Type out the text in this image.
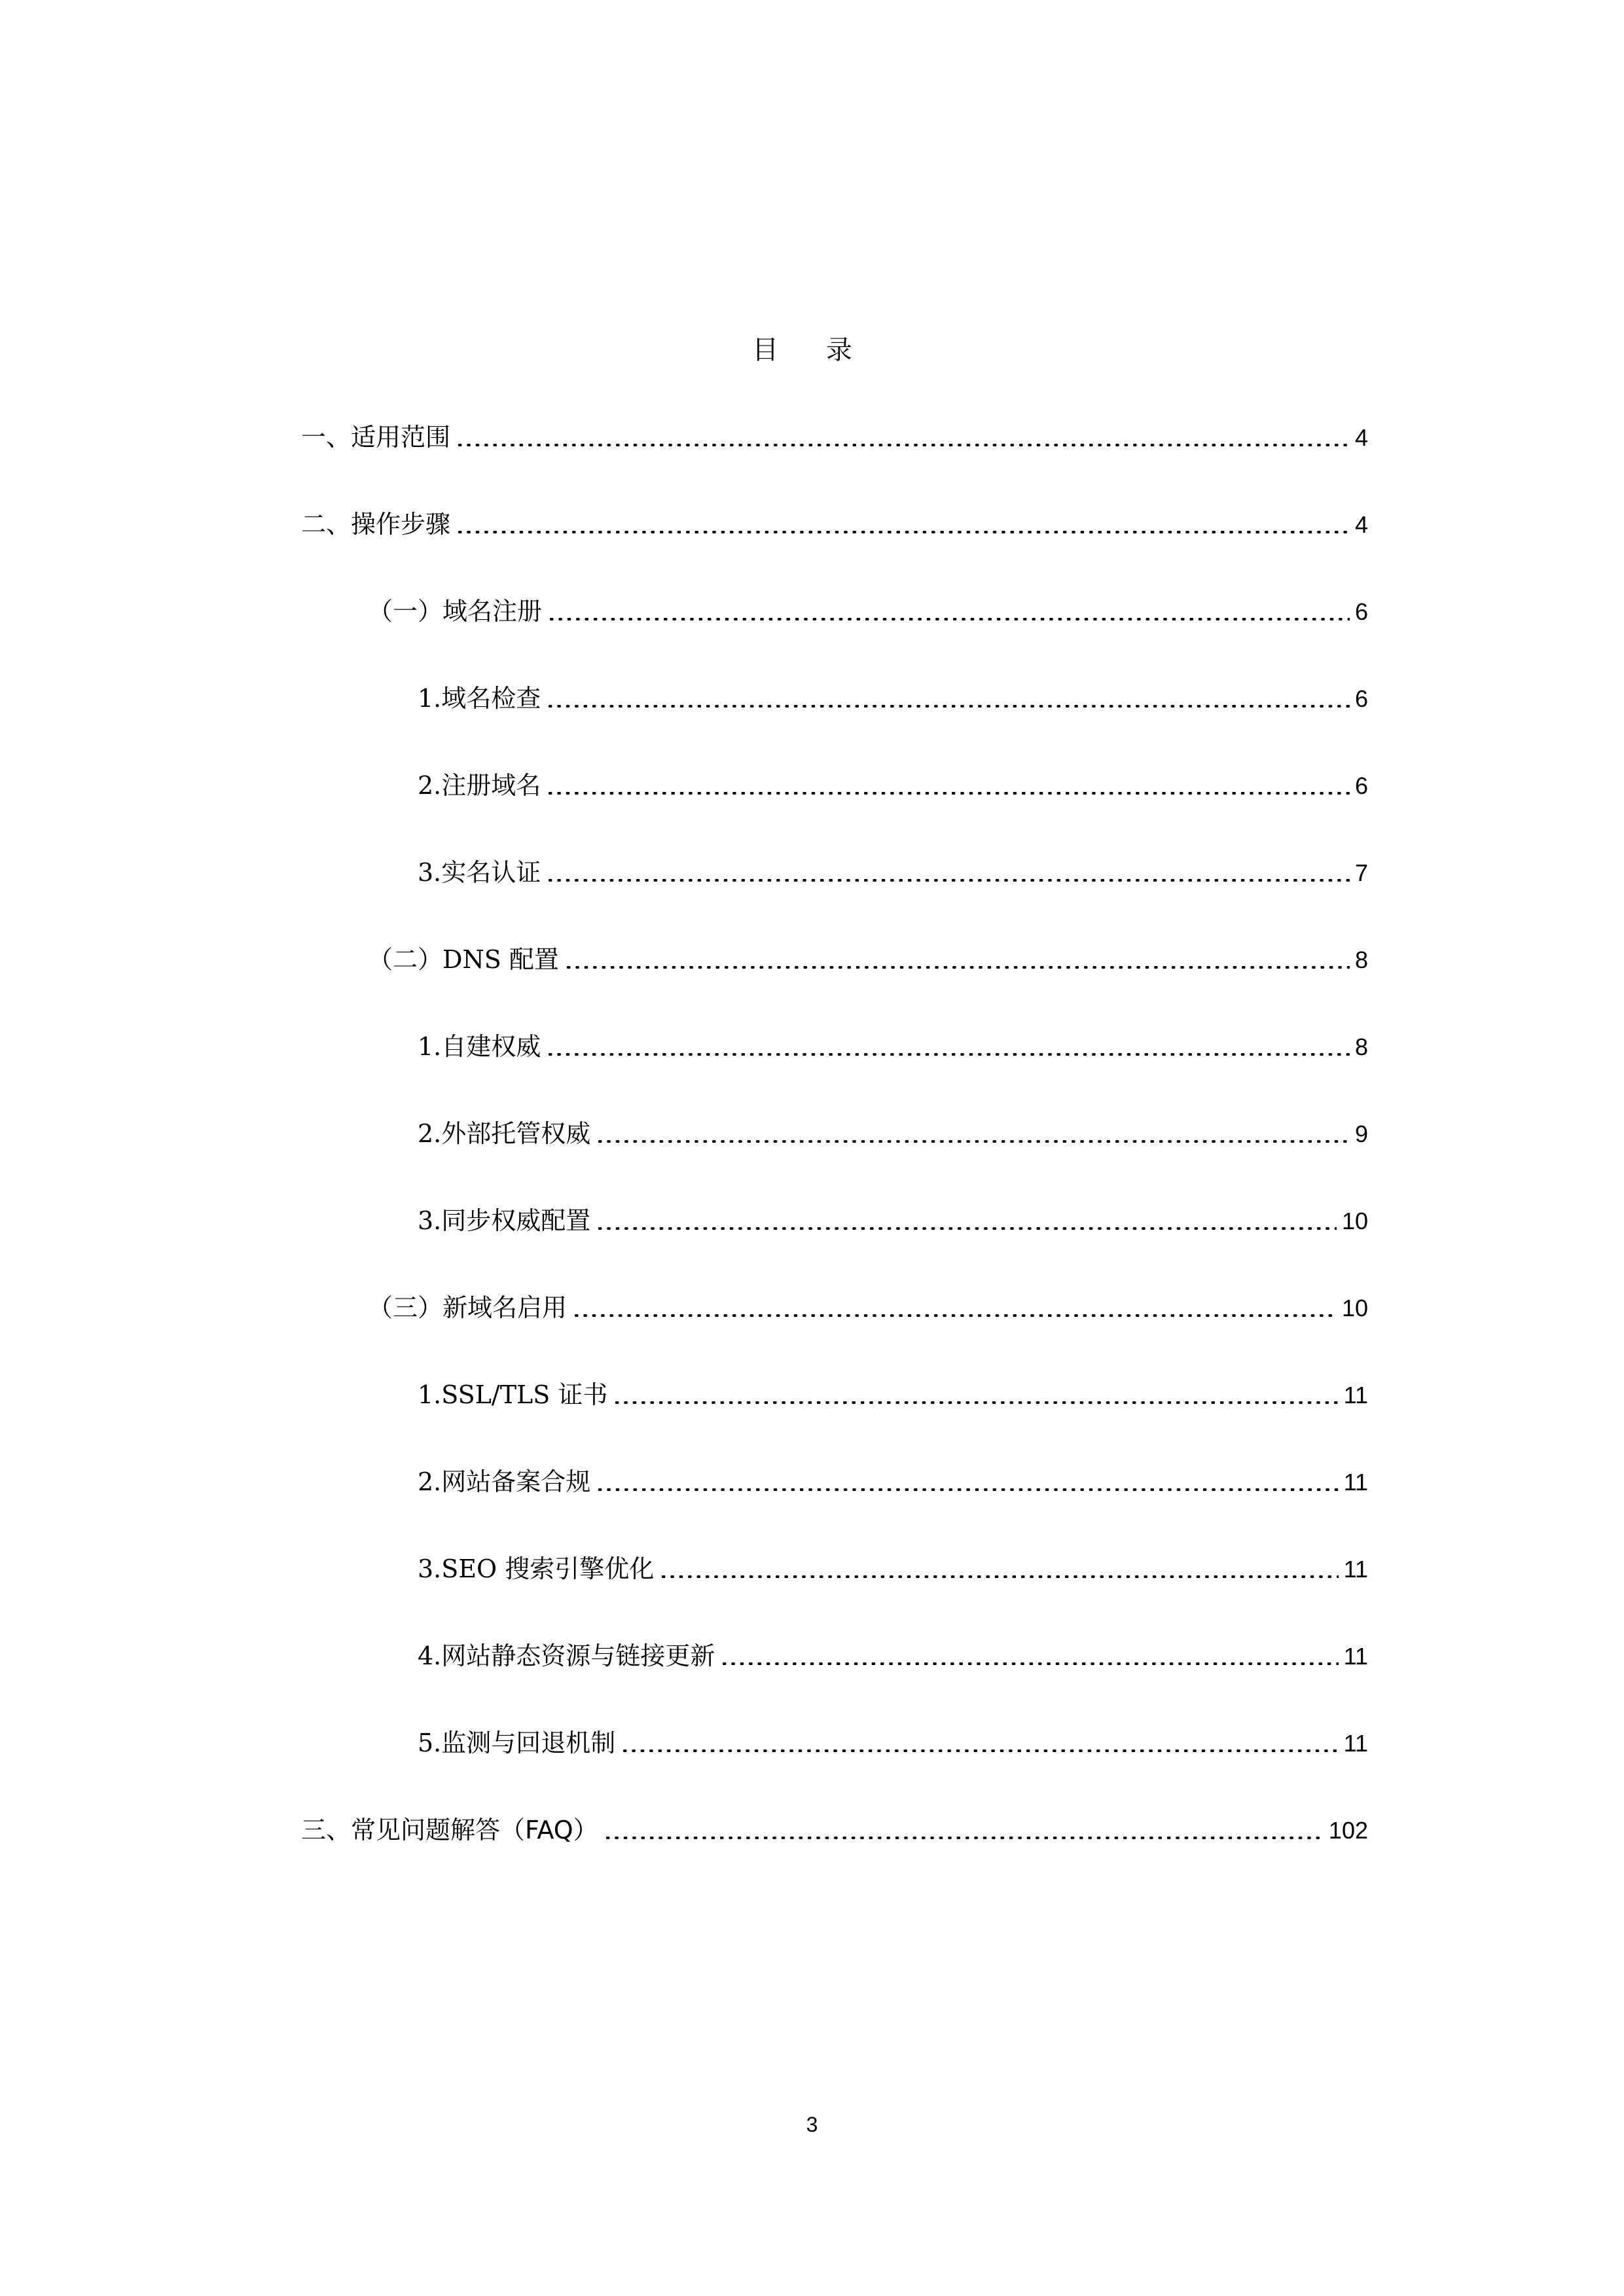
目 录
一、适用范围	4
二、操作步骤	4
（一）域名注册	6
1.域名检查	6
2.注册域名	6
3.实名认证	7
（二）DNS 配置	8
1.自建权威	8
2.外部托管权威	9
3.同步权威配置	10
（三）新域名启用	10
1.SSL/TLS 证书	11
2.网站备案合规	11
3.SEO 搜索引擎优化	11
4.网站静态资源与链接更新	11
5.监测与回退机制	11
三、常见问题解答（FAQ）	102
3
